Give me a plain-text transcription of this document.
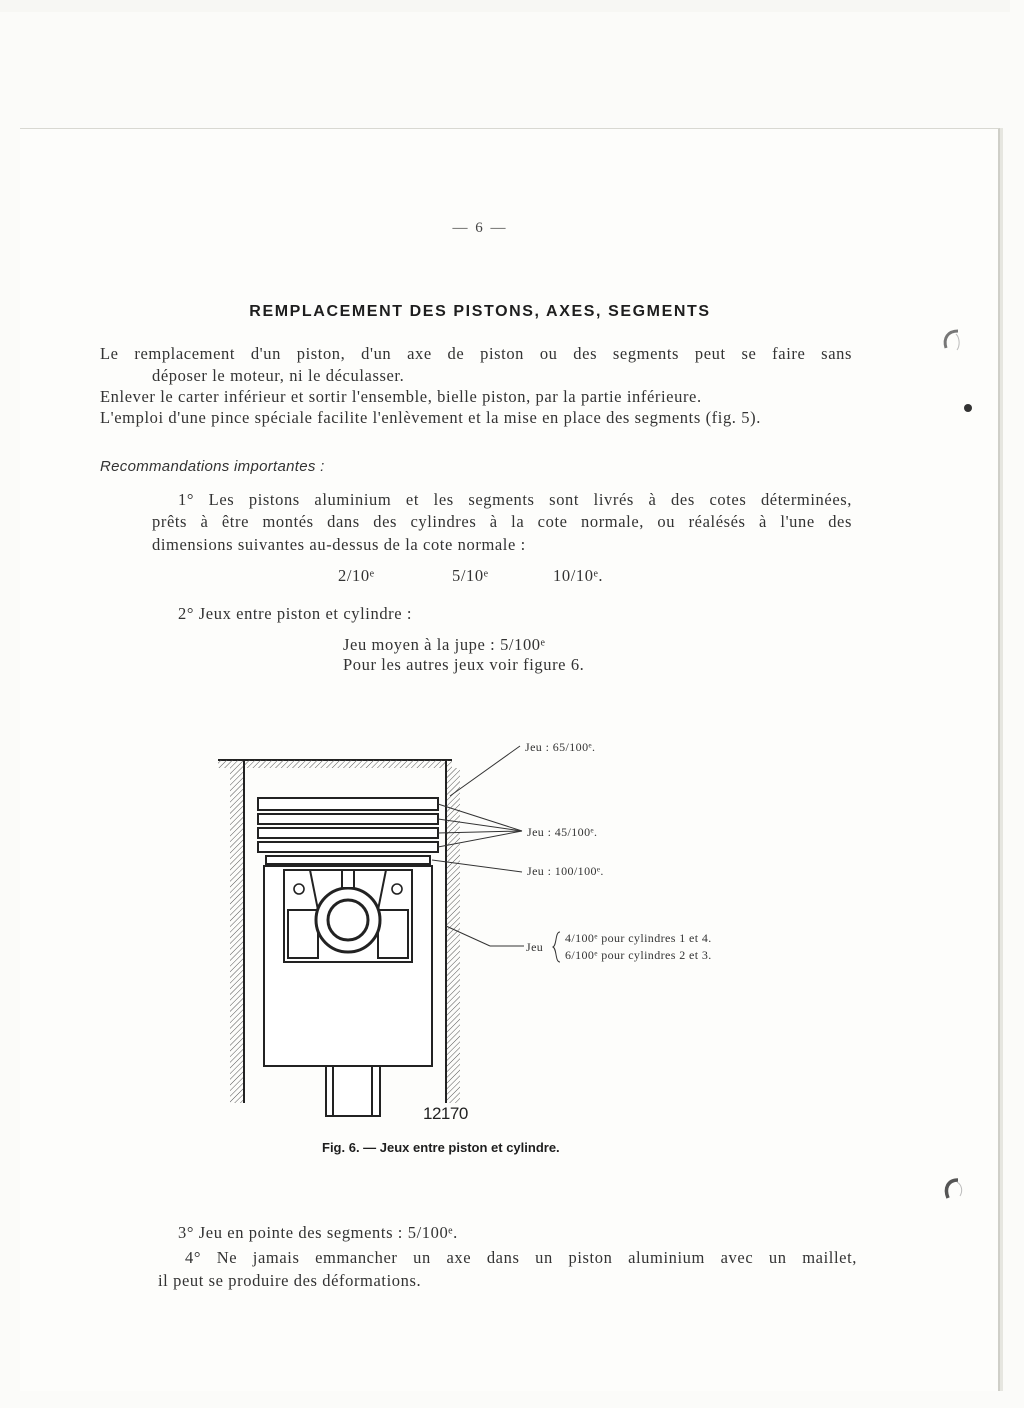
— 6 —
REMPLACEMENT DES PISTONS, AXES, SEGMENTS
Le remplacement d'un piston, d'un axe de piston ou des segments peut se faire sans
déposer le moteur, ni le déculasser.
Enlever le carter inférieur et sortir l'ensemble, bielle piston, par la partie inférieure.
L'emploi d'une pince spéciale facilite l'enlèvement et la mise en place des segments (fig. 5).
Recommandations importantes :
1° Les pistons aluminium et les segments sont livrés à des cotes déterminées,
prêts à être montés dans des cylindres à la cote normale, ou réalésés à l'une des
dimensions suivantes au-dessus de la cote normale :
2/10ᵉ	5/10ᵉ	10/10ᵉ.
2° Jeux entre piston et cylindre :
Jeu moyen à la jupe : 5/100ᵉ
Pour les autres jeux voir figure 6.
Jeu : 65/100ᵉ.
Jeu : 45/100ᵉ.
Jeu : 100/100ᵉ.
Jeu
4/100ᵉ pour cylindres 1 et 4.
6/100ᵉ pour cylindres 2 et 3.
12170
Fig. 6. — Jeux entre piston et cylindre.
3° Jeu en pointe des segments : 5/100ᵉ.
4° Ne jamais emmancher un axe dans un piston aluminium avec un maillet,
il peut se produire des déformations.
